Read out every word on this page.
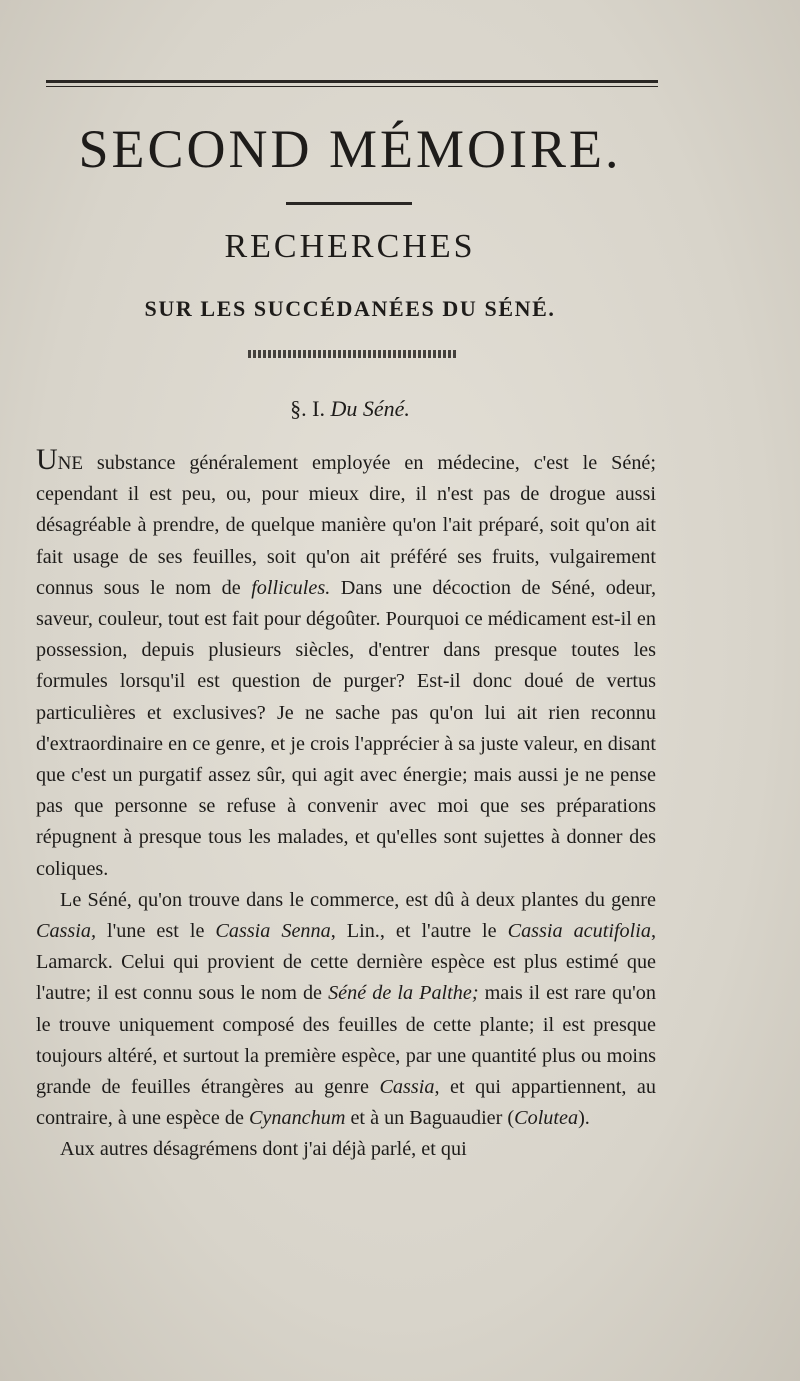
SECOND MÉMOIRE.
RECHERCHES
SUR LES SUCCÉDANÉES DU SÉNÉ.
§. I. Du Séné.

UNE substance généralement employée en médecine, c'est le Séné; cependant il est peu, ou, pour mieux dire, il n'est pas de drogue aussi désagréable à prendre, de quelque manière qu'on l'ait préparé, soit qu'on ait fait usage de ses feuilles, soit qu'on ait préféré ses fruits, vulgairement connus sous le nom de follicules. Dans une décoction de Séné, odeur, saveur, couleur, tout est fait pour dégoûter. Pourquoi ce médicament est-il en possession, depuis plusieurs siècles, d'entrer dans presque toutes les formules lorsqu'il est question de purger? Est-il donc doué de vertus particulières et exclusives? Je ne sache pas qu'on lui ait rien reconnu d'extraordinaire en ce genre, et je crois l'apprécier à sa juste valeur, en disant que c'est un purgatif assez sûr, qui agit avec énergie; mais aussi je ne pense pas que personne se refuse à convenir avec moi que ses préparations répugnent à presque tous les malades, et qu'elles sont sujettes à donner des coliques.

Le Séné, qu'on trouve dans le commerce, est dû à deux plantes du genre Cassia, l'une est le Cassia Senna, Lin., et l'autre le Cassia acutifolia, Lamarck. Celui qui provient de cette dernière espèce est plus estimé que l'autre; il est connu sous le nom de Séné de la Palthe; mais il est rare qu'on le trouve uniquement composé des feuilles de cette plante; il est presque toujours altéré, et surtout la première espèce, par une quantité plus ou moins grande de feuilles étrangères au genre Cassia, et qui appartiennent, au contraire, à une espèce de Cynanchum et à un Baguaudier (Colutea).

Aux autres désagrémens dont j'ai déjà parlé, et qui
